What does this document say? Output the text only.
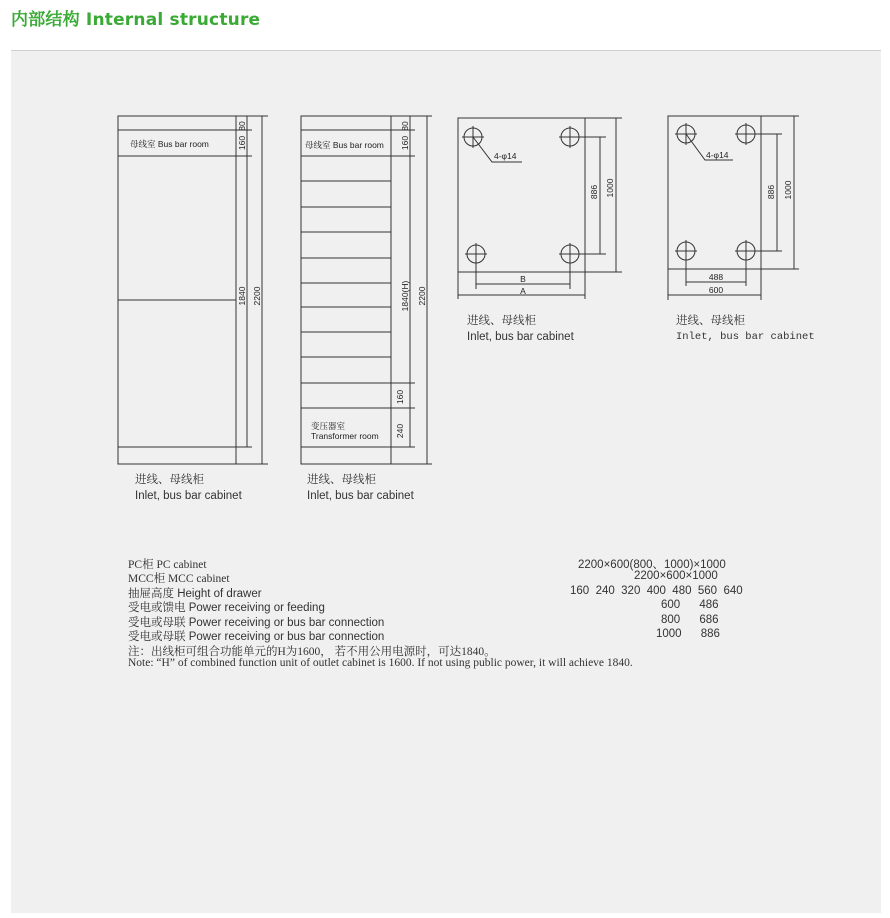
内部结构 Internal structure
母线室 Bus bar room
80
160
1840 2200
母线室 Bus bar room
80
160
1840(H) 2200
160
240
变压器室
Transformer room
4-φ14
886 1000
B
A
4-φ14
886 1000
488
600
进线、母线柜
Inlet, bus bar cabinet
进线、母线柜
Inlet, bus bar cabinet
进线、母线柜
Inlet, bus bar cabinet
进线、母线柜
Inlet, bus bar cabinet
PC柜 PC cabinet	2200×600(800、1000)×1000
MCC柜 MCC cabinet	2200×600×1000
抽屉高度 Height of drawer	160  240  320  400  480  560  640
受电或馈电 Power receiving or feeding	600      486
受电或母联 Power receiving or bus bar connection	800      686
受电或母联 Power receiving or bus bar connection	1000      886
注：出线柜可组合功能单元的H为1600， 若不用公用电源时，可达1840。
Note: “H” of combined function unit of outlet cabinet is 1600. If not using public power, it will achieve 1840.
